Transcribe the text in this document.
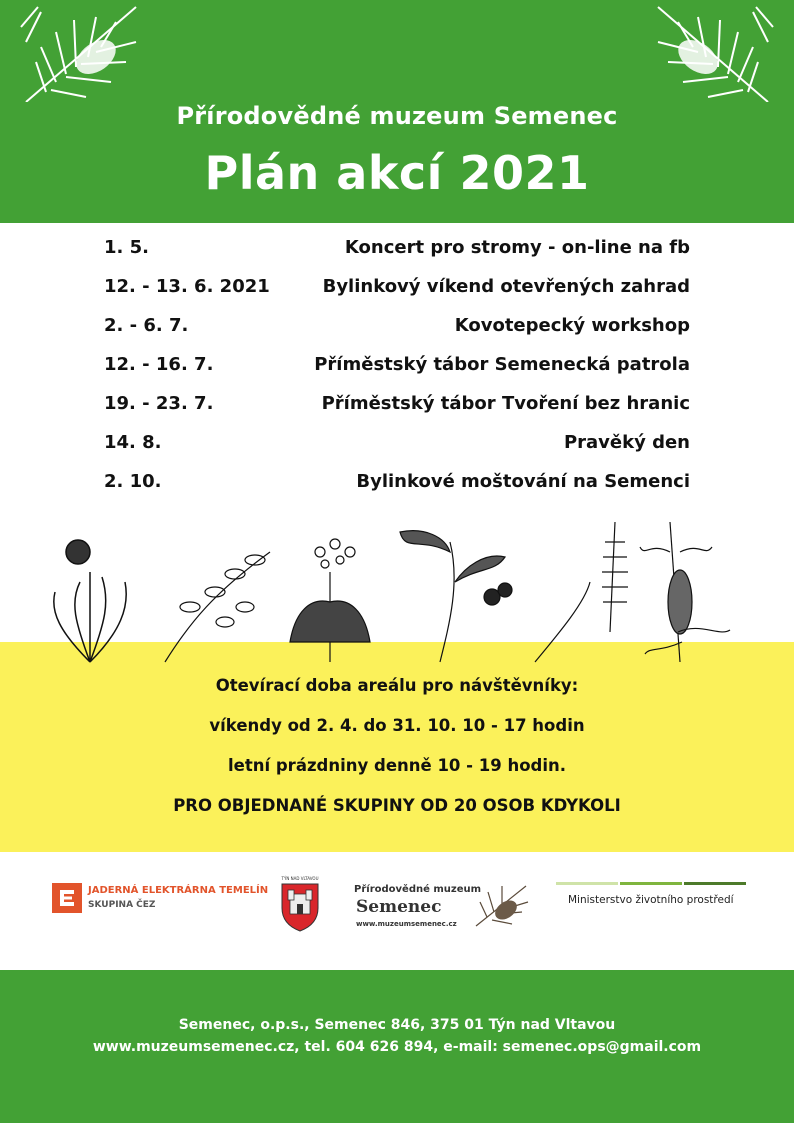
Přírodovědné muzeum Semenec
Plán akcí 2021
1. 5.	Koncert pro stromy - on-line na fb
12. - 13. 6. 2021	Bylinkový víkend otevřených zahrad
2. - 6. 7.	Kovotepecký workshop
12. - 16. 7.	Příměstský tábor Semenecká patrola
19. - 23. 7.	Příměstský tábor Tvoření bez hranic
14. 8.	Pravěký den
2. 10.	Bylinkové moštování na Semenci
Otevírací doba areálu pro návštěvníky:
víkendy od 2. 4. do 31. 10. 10 - 17 hodin
letní prázdniny denně 10 - 19 hodin.
PRO OBJEDNANÉ SKUPINY OD 20 OSOB KDYKOLI
JADERNÁ ELEKTRÁRNA TEMELÍN
SKUPINA ČEZ
TÝN NAD VLTAVOU
Přírodovědné muzeum
Semenec
www.muzeumsemenec.cz
Ministerstvo životního prostředí
Semenec, o.p.s., Semenec 846, 375 01 Týn nad Vltavou
www.muzeumsemenec.cz, tel. 604 626 894, e-mail: semenec.ops@gmail.com
